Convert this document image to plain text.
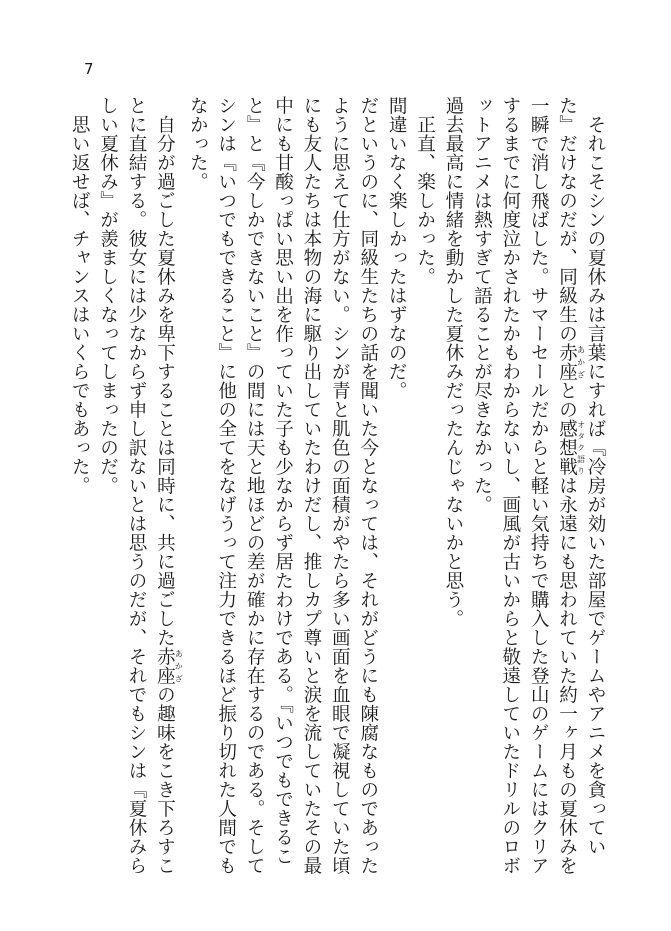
7

それこそシンの夏休みは言葉にすれば『冷房が効いた部屋でゲームやアニメを貪っていた』だけなのだが、同級生の赤座 あかざとの感想戦 オタク語りは永遠にも思われていた約一ヶ月もの夏休みを一瞬で消し飛ばした。サマーセールだからと軽い気持ちで購入した登山のゲームにはクリアするまでに何度泣かされたかもわからないし、画風が古いからと敬遠していたドリルのロボットアニメは熱すぎて語ることが尽きなかった。

過去最高に情緒を動かした夏休みだったんじゃないかと思う。

正直、楽しかった。

間違いなく楽しかったはずなのだ。

だというのに、同級生たちの話を聞いた今となっては、それがどうにも陳腐なものであったように思えて仕方がない。シンが青と肌色の面積がやたら多い画面を血眼で凝視していた頃にも友人たちは本物の海に駆り出していたわけだし、推しカプ尊いと涙を流していたその最中にも甘酸っぱい思い出を作っていた子も少なからず居たわけである。『いつでもできること』と『今しかできないこと』の間には天と地ほどの差が確かに存在するのである。そしてシンは『いつでもできること』に他の全てをなげうって注力できるほど振り切れた人間でもなかった。

自分が過ごした夏休みを卑下することは同時に、共に過ごした赤座 あかざの趣味をこき下ろすことに直結する。彼女には少なからず申し訳ないとは思うのだが、それでもシンは『夏休みらしい夏休み』が羨ましくなってしまったのだ。

思い返せば、チャンスはいくらでもあった。
